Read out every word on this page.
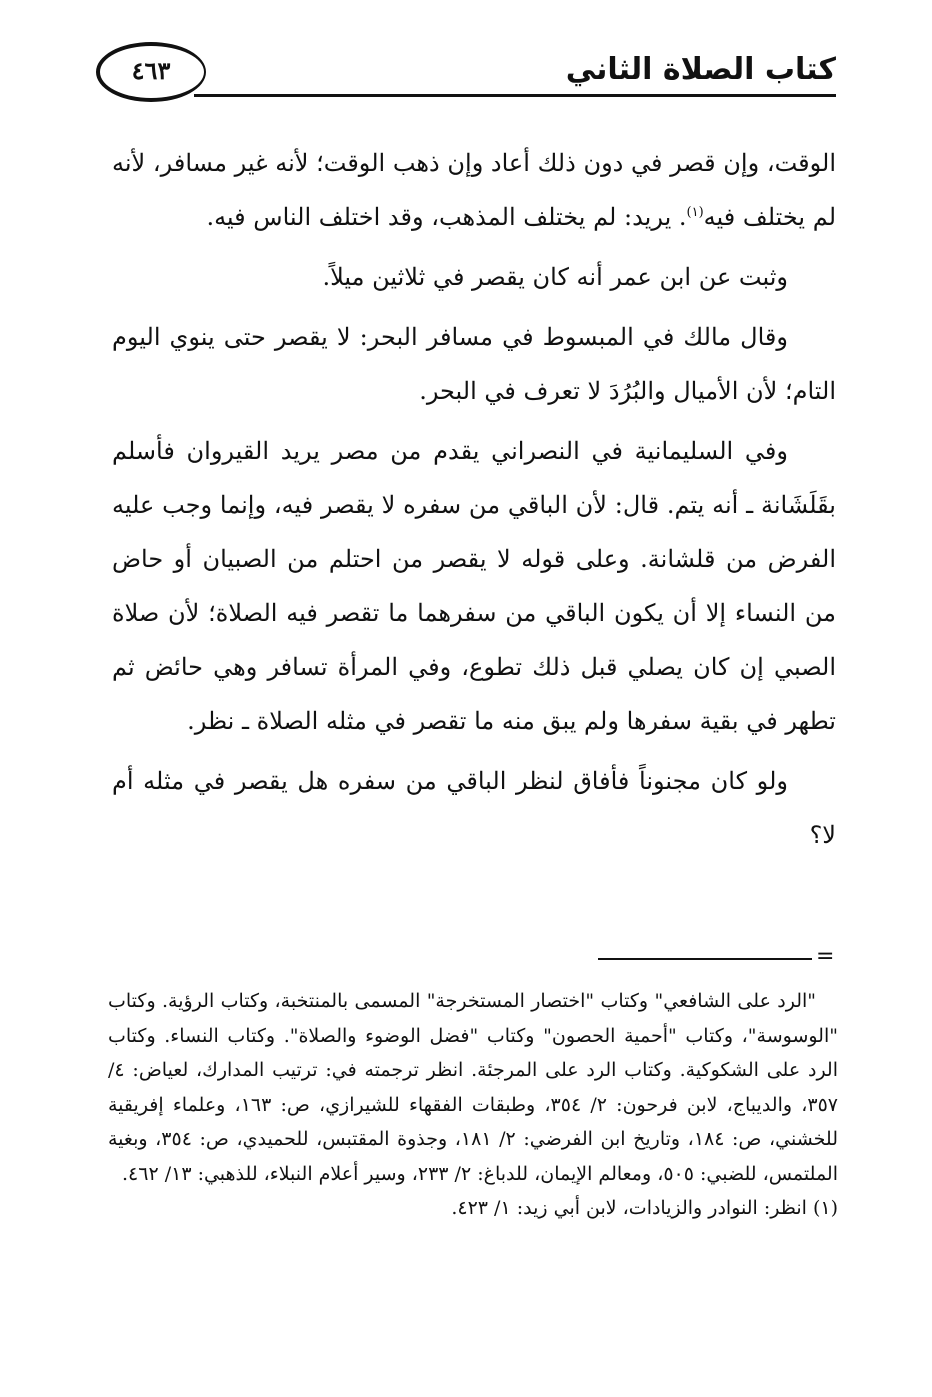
٤٦٣	كتاب الصلاة الثاني

الوقت، وإن قصر في دون ذلك أعاد وإن ذهب الوقت؛ لأنه غير مسافر، لأنه لم يختلف فيه$^{(١)}$. يريد: لم يختلف المذهب، وقد اختلف الناس فيه.

وثبت عن ابن عمر أنه كان يقصر في ثلاثين ميلاً.

وقال مالك في المبسوط في مسافر البحر: لا يقصر حتى ينوي اليوم التام؛ لأن الأميال والبُرُدَ لا تعرف في البحر.

وفي السليمانية في النصراني يقدم من مصر يريد القيروان فأسلم بقَلَشَانة ـ أنه يتم. قال: لأن الباقي من سفره لا يقصر فيه، وإنما وجب عليه الفرض من قلشانة. وعلى قوله لا يقصر من احتلم من الصبيان أو حاض من النساء إلا أن يكون الباقي من سفرهما ما تقصر فيه الصلاة؛ لأن صلاة الصبي إن كان يصلي قبل ذلك تطوع، وفي المرأة تسافر وهي حائض ثم تطهر في بقية سفرها ولم يبق منه ما تقصر في مثله الصلاة ـ نظر.

ولو كان مجنوناً فأفاق لنظر الباقي من سفره هل يقصر في مثله أم لا؟

=

"الرد على الشافعي" وكتاب "اختصار المستخرجة" المسمى بالمنتخبة، وكتاب الرؤية. وكتاب "الوسوسة"، وكتاب "أحمية الحصون" وكتاب "فضل الوضوء والصلاة". وكتاب النساء. وكتاب الرد على الشكوكية. وكتاب الرد على المرجئة. انظر ترجمته في: ترتيب المدارك، لعياض: ٤/ ٣٥٧، والديباج، لابن فرحون: ٢/ ٣٥٤، وطبقات الفقهاء للشيرازي، ص: ١٦٣، وعلماء إفريقية للخشني، ص: ١٨٤، وتاريخ ابن الفرضي: ٢/ ١٨١، وجذوة المقتبس، للحميدي، ص: ٣٥٤، وبغية الملتمس، للضبي: ٥٠٥، ومعالم الإيمان، للدباغ: ٢/ ٢٣٣، وسير أعلام النبلاء، للذهبي: ١٣/ ٤٦٢.

(١) انظر: النوادر والزيادات، لابن أبي زيد: ١/ ٤٢٣.
